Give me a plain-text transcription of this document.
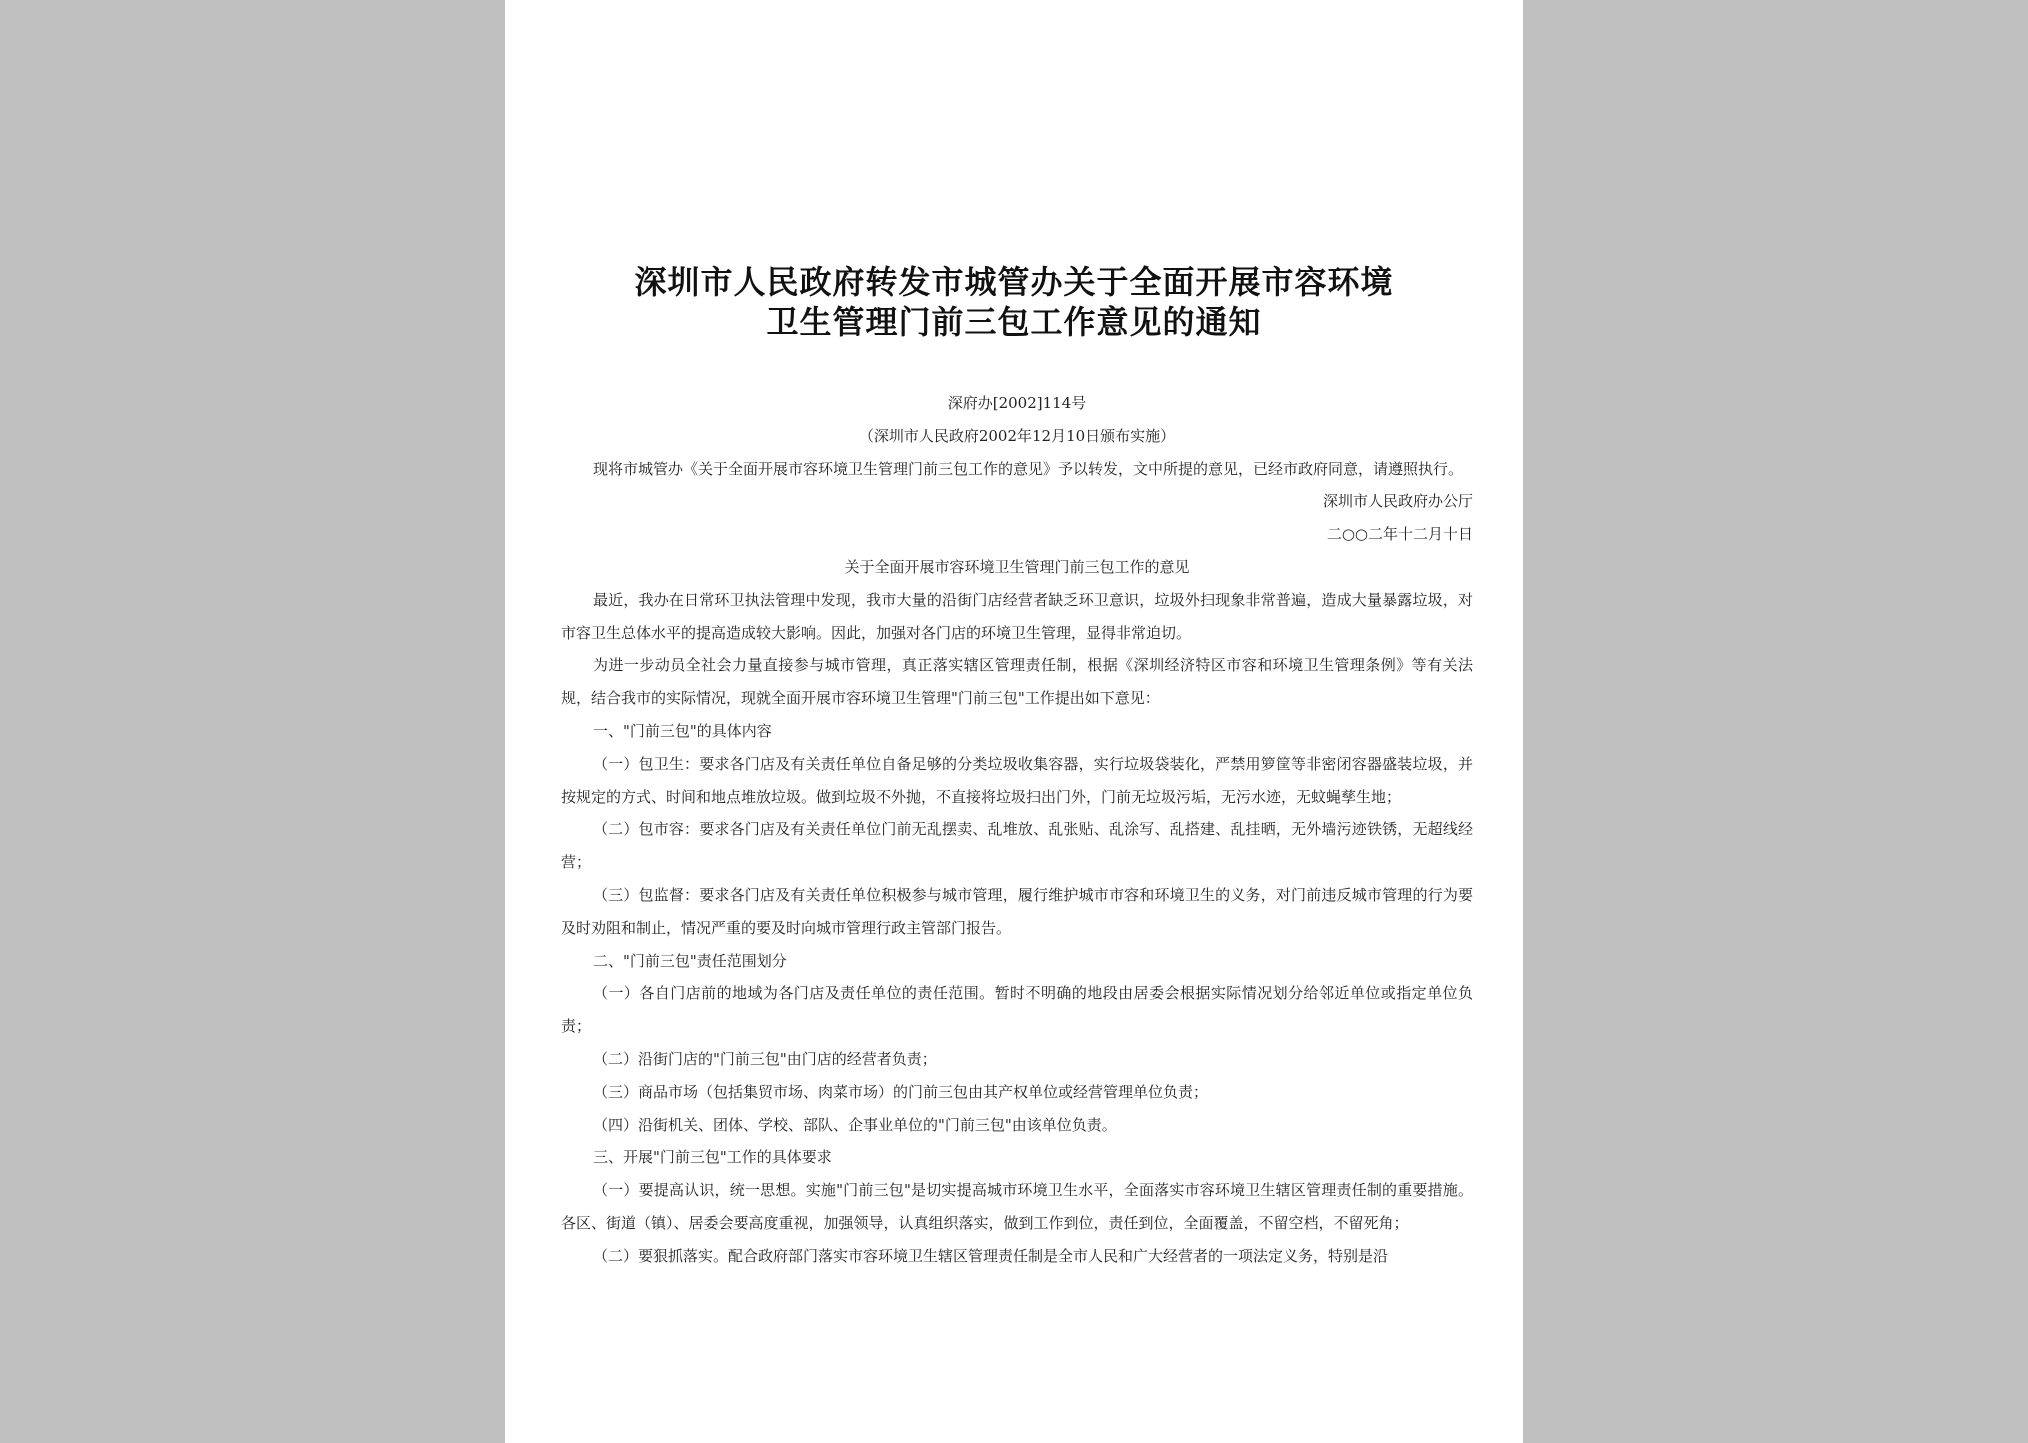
深圳市人民政府转发市城管办关于全面开展市容环境
卫生管理门前三包工作意见的通知

深府办[2002]114号

（深圳市人民政府2002年12月10日颁布实施）

现将市城管办《关于全面开展市容环境卫生管理门前三包工作的意见》予以转发，文中所提的意见，已经市政府同意，请遵照执行。

深圳市人民政府办公厅

二○○二年十二月十日

关于全面开展市容环境卫生管理门前三包工作的意见

最近，我办在日常环卫执法管理中发现，我市大量的沿街门店经营者缺乏环卫意识，垃圾外扫现象非常普遍，造成大量暴露垃圾，对市容卫生总体水平的提高造成较大影响。因此，加强对各门店的环境卫生管理，显得非常迫切。

为进一步动员全社会力量直接参与城市管理，真正落实辖区管理责任制，根据《深圳经济特区市容和环境卫生管理条例》等有关法规，结合我市的实际情况，现就全面开展市容环境卫生管理"门前三包"工作提出如下意见：

一、"门前三包"的具体内容

（一）包卫生：要求各门店及有关责任单位自备足够的分类垃圾收集容器，实行垃圾袋装化，严禁用箩筐等非密闭容器盛装垃圾，并按规定的方式、时间和地点堆放垃圾。做到垃圾不外抛，不直接将垃圾扫出门外，门前无垃圾污垢，无污水迹，无蚊蝇孳生地；

（二）包市容：要求各门店及有关责任单位门前无乱摆卖、乱堆放、乱张贴、乱涂写、乱搭建、乱挂晒，无外墙污迹铁锈，无超线经营；

（三）包监督：要求各门店及有关责任单位积极参与城市管理，履行维护城市市容和环境卫生的义务，对门前违反城市管理的行为要及时劝阻和制止，情况严重的要及时向城市管理行政主管部门报告。

二、"门前三包"责任范围划分

（一）各自门店前的地域为各门店及责任单位的责任范围。暂时不明确的地段由居委会根据实际情况划分给邻近单位或指定单位负责；

（二）沿街门店的"门前三包"由门店的经营者负责；

（三）商品市场（包括集贸市场、肉菜市场）的门前三包由其产权单位或经营管理单位负责；

（四）沿街机关、团体、学校、部队、企事业单位的"门前三包"由该单位负责。

三、开展"门前三包"工作的具体要求

（一）要提高认识，统一思想。实施"门前三包"是切实提高城市环境卫生水平，全面落实市容环境卫生辖区管理责任制的重要措施。各区、街道（镇）、居委会要高度重视，加强领导，认真组织落实，做到工作到位，责任到位，全面覆盖，不留空档，不留死角；

（二）要狠抓落实。配合政府部门落实市容环境卫生辖区管理责任制是全市人民和广大经营者的一项法定义务，特别是沿
